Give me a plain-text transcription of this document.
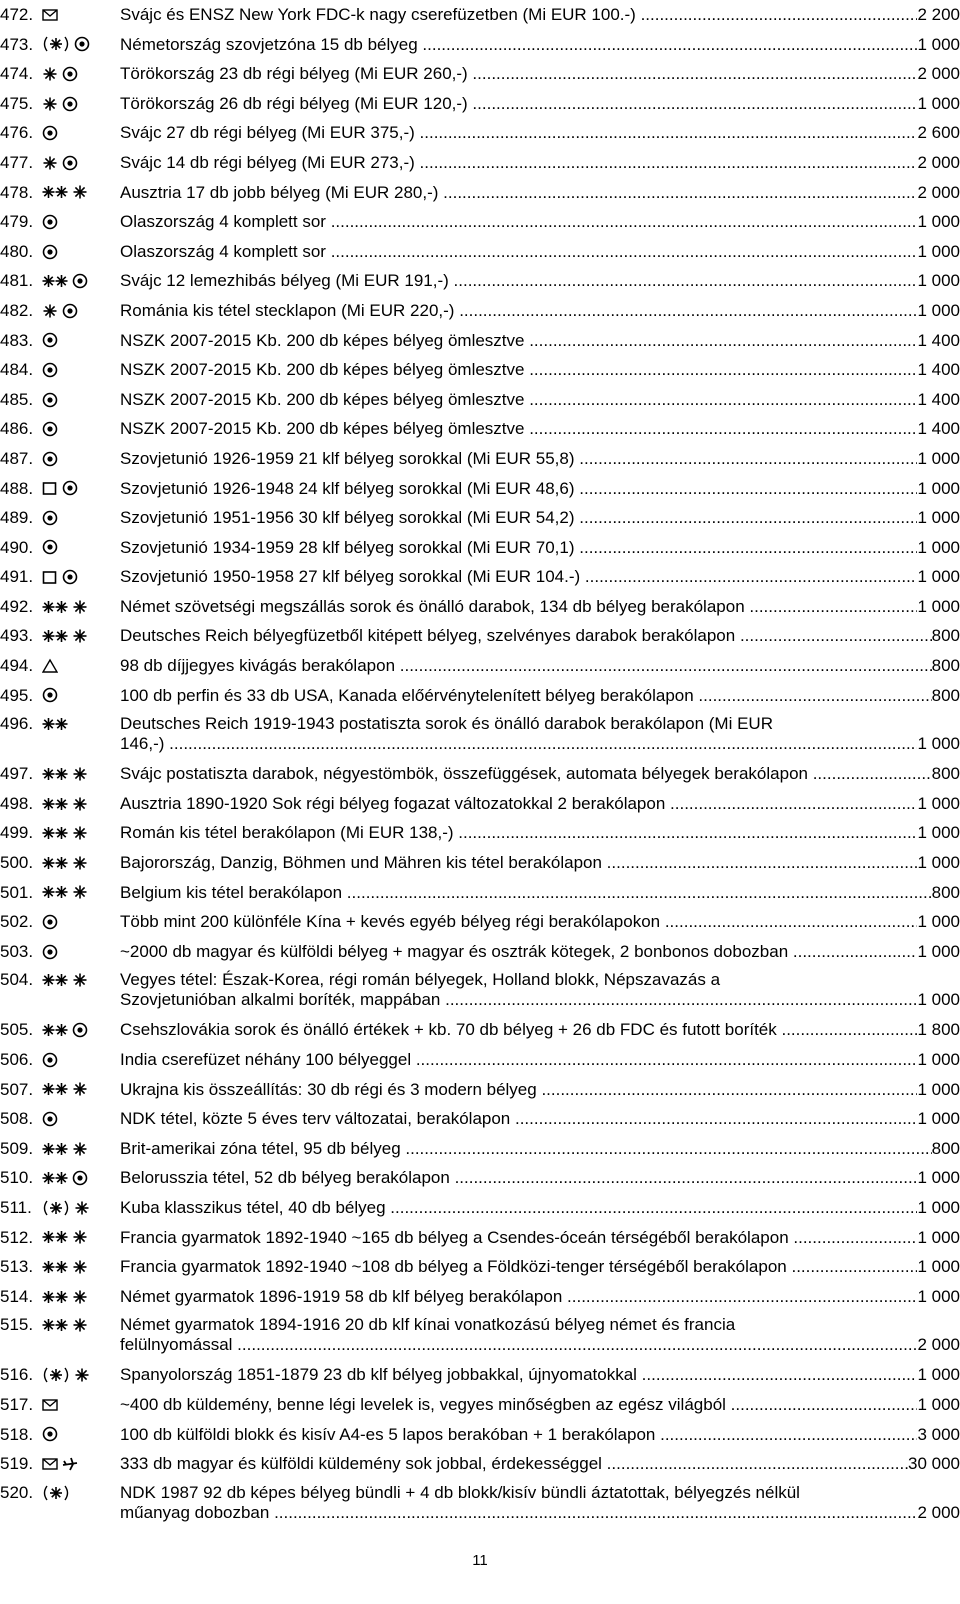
472.	Svájc és ENSZ New York FDC-k nagy cserefüzetben (Mi EUR 100.-) .....	2 200
473.	Németország szovjetzóna 15 db bélyeg .....	1 000
474.	Törökország 23 db régi bélyeg (Mi EUR 260,-) .....	2 000
475.	Törökország 26 db régi bélyeg (Mi EUR 120,-) .....	1 000
476.	Svájc 27 db régi bélyeg (Mi EUR 375,-) .....	2 600
477.	Svájc 14 db régi bélyeg (Mi EUR 273,-) .....	2 000
478.	Ausztria 17 db jobb bélyeg (Mi EUR 280,-) .....	2 000
479.	Olaszország 4 komplett sor .....	1 000
480.	Olaszország 4 komplett sor .....	1 000
481.	Svájc 12 lemezhibás bélyeg (Mi EUR 191,-) .....	1 000
482.	Románia kis tétel stecklapon (Mi EUR 220,-) .....	1 000
483.	NSZK 2007-2015 Kb. 200 db képes bélyeg ömlesztve .....	1 400
484.	NSZK 2007-2015 Kb. 200 db képes bélyeg ömlesztve .....	1 400
485.	NSZK 2007-2015 Kb. 200 db képes bélyeg ömlesztve .....	1 400
486.	NSZK 2007-2015 Kb. 200 db képes bélyeg ömlesztve .....	1 400
487.	Szovjetunió 1926-1959 21 klf bélyeg sorokkal (Mi EUR 55,8) .....	1 000
488.	Szovjetunió 1926-1948 24 klf bélyeg sorokkal (Mi EUR 48,6) .....	1 000
489.	Szovjetunió 1951-1956 30 klf bélyeg sorokkal (Mi EUR 54,2) .....	1 000
490.	Szovjetunió 1934-1959 28 klf bélyeg sorokkal (Mi EUR 70,1) .....	1 000
491.	Szovjetunió 1950-1958 27 klf bélyeg sorokkal (Mi EUR 104.-) .....	1 000
492.	Német szövetségi megszállás sorok és önálló darabok, 134 db bélyeg berakólapon .....	1 000
493.	Deutsches Reich bélyegfüzetből kitépett bélyeg, szelvényes darabok berakólapon .....	800
494.	98 db díjjegyes kivágás berakólapon .....	800
495.	100 db perfin és 33 db USA, Kanada előérvénytelenített bélyeg berakólapon .....	800
496.	Deutsches Reich 1919-1943 postatiszta sorok és önálló darabok berakólapon (Mi EUR
146,-) .....	1 000
497.	Svájc postatiszta darabok, négyestömbök, összefüggések, automata bélyegek berakólapon .....	800
498.	Ausztria 1890-1920 Sok régi bélyeg fogazat változatokkal 2 berakólapon .....	1 000
499.	Román kis tétel berakólapon (Mi EUR 138,-) .....	1 000
500.	Bajorország, Danzig, Böhmen und Mähren kis tétel berakólapon .....	1 000
501.	Belgium kis tétel berakólapon .....	800
502.	Több mint 200 különféle Kína + kevés egyéb bélyeg régi berakólapokon .....	1 000
503.	~2000 db magyar és külföldi bélyeg + magyar és osztrák kötegek, 2 bonbonos dobozban .....	1 000
504.	Vegyes tétel: Észak-Korea, régi román bélyegek, Holland blokk, Népszavazás a
Szovjetunióban alkalmi boríték, mappában .....	1 000
505.	Csehszlovákia sorok és önálló értékek + kb. 70 db bélyeg + 26 db FDC és futott boríték .....	1 800
506.	India cserefüzet néhány 100 bélyeggel .....	1 000
507.	Ukrajna kis összeállítás: 30 db régi és 3 modern bélyeg .....	1 000
508.	NDK tétel, közte 5 éves terv változatai, berakólapon .....	1 000
509.	Brit-amerikai zóna tétel, 95 db bélyeg .....	800
510.	Belorusszia tétel, 52 db bélyeg berakólapon .....	1 000
511.	Kuba klasszikus tétel, 40 db bélyeg .....	1 000
512.	Francia gyarmatok 1892-1940 ~165 db bélyeg a Csendes-óceán térségéből berakólapon .....	1 000
513.	Francia gyarmatok 1892-1940 ~108 db bélyeg a Földközi-tenger térségéből berakólapon .....	1 000
514.	Német gyarmatok 1896-1919 58 db klf bélyeg berakólapon .....	1 000
515.	Német gyarmatok 1894-1916 20 db klf kínai vonatkozású bélyeg német és francia
felülnyomással .....	2 000
516.	Spanyolország 1851-1879 23 db klf bélyeg jobbakkal, újnyomatokkal .....	1 000
517.	~400 db küldemény, benne légi levelek is, vegyes minőségben az egész világból .....	1 000
518.	100 db külföldi blokk és kisív A4-es 5 lapos berakóban + 1 berakólapon .....	3 000
519.	333 db magyar és külföldi küldemény sok jobbal, érdekességgel .....	30 000
520.	NDK 1987 92 db képes bélyeg bündli + 4 db blokk/kisív bündli áztatottak, bélyegzés nélkül
műanyag dobozban .....	2 000
11
